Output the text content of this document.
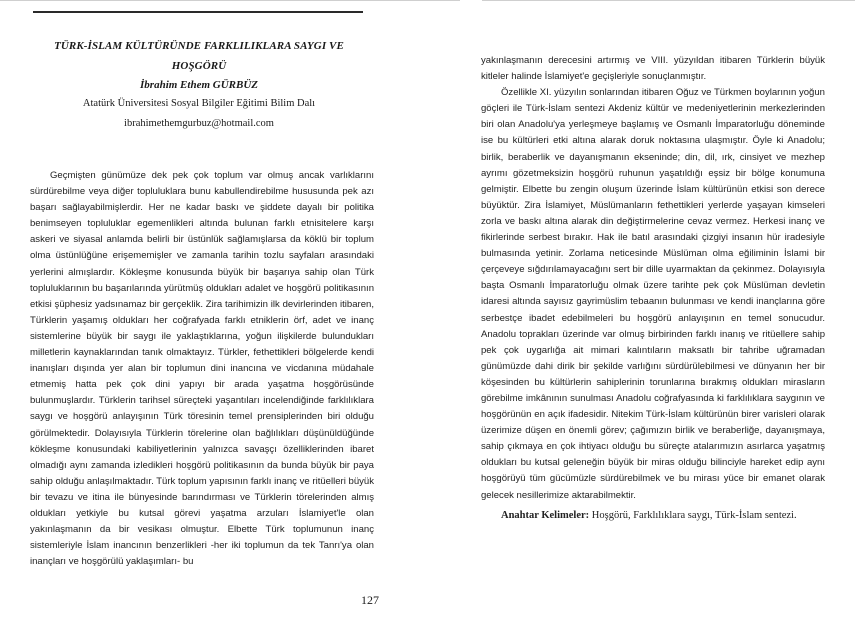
TÜRK-İSLAM KÜLTÜRÜNDE FARKLILIKLARA SAYGI VE

HOŞGÖRÜ

İbrahim Ethem GÜRBÜZ

Atatürk Üniversitesi Sosyal Bilgiler Eğitimi Bilim Dalı

ibrahimethemgurbuz@hotmail.com

Geçmişten günümüze dek pek çok toplum var olmuş ancak varlıklarını sürdürebilme veya diğer topluluklara bunu kabullendirebilme hususunda pek azı başarı sağlayabilmişlerdir. Her ne kadar baskı ve şiddete dayalı bir politika benimseyen topluluklar egemenlikleri altında bulunan farklı etnisitelere karşı askeri ve siyasal anlamda belirli bir üstünlük sağlamışlarsa da köklü bir toplum olma üstünlüğüne erişememişler ve zamanla tarihin tozlu sayfaları arasındaki yerlerini almışlardır. Kökleşme konusunda büyük bir başarıya sahip olan Türk topluluklarının bu başarılarında yürütmüş oldukları adalet ve hoşgörü politikasının etkisi şüphesiz yadsınamaz bir gerçeklik. Zira tarihimizin ilk devirlerinden itibaren, Türklerin yaşamış oldukları her coğrafyada farklı etniklerin örf, adet ve inanç sistemlerine büyük bir saygı ile yaklaştıklarına, yoğun ilişkilerde bulundukları milletlerin kaynaklarından tanık olmaktayız. Türkler, fethettikleri bölgelerde kendi inanışları dışında yer alan bir toplumun dini inancına ve vicdanına müdahale etmemiş hatta pek çok dini yapıyı bir arada yaşatma hoşgörüsünde bulunmuşlardır. Türklerin tarihsel süreçteki yaşantıları incelendiğinde farklılıklara saygı ve hoşgörü anlayışının Türk töresinin temel prensiplerinden biri olduğu görülmektedir. Dolayısıyla Türklerin törelerine olan bağlılıkları düşünüldüğünde kökleşme konusundaki kabiliyetlerinin yalnızca savaşçı özelliklerinden ibaret olmadığı aynı zamanda izledikleri hoşgörü politikasının da bunda büyük bir paya sahip olduğu anlaşılmaktadır. Türk toplum yapısının farklı inanç ve ritüelleri büyük bir tevazu ve itina ile bünyesinde barındırması ve Türklerin törelerinden almış oldukları yetkiyle bu kutsal görevi yaşatma arzuları İslamiyet'le olan yakınlaşmanın da bir vesikası olmuştur. Elbette Türk toplumunun inanç sistemleriyle İslam inancının benzerlikleri -her iki toplumun da tek Tanrı'ya olan inançları ve hoşgörülü yaklaşımları- bu

yakınlaşmanın derecesini artırmış ve VIII. yüzyıldan itibaren Türklerin büyük kitleler halinde İslamiyet'e geçişleriyle sonuçlanmıştır.

Özellikle XI. yüzyılın sonlarından itibaren Oğuz ve Türkmen boylarının yoğun göçleri ile Türk-İslam sentezi Akdeniz kültür ve medeniyetlerinin merkezlerinden biri olan Anadolu'ya yerleşmeye başlamış ve Osmanlı İmparatorluğu döneminde ise bu kültürleri etki altına alarak doruk noktasına ulaşmıştır. Öyle ki Anadolu; birlik, beraberlik ve dayanışmanın ekseninde; din, dil, ırk, cinsiyet ve mezhep ayrımı gözetmeksizin hoşgörü ruhunun yaşatıldığı eşsiz bir bölge konumuna gelmiştir. Elbette bu zengin oluşum üzerinde İslam kültürünün etkisi son derece büyüktür. Zira İslamiyet, Müslümanların fethettikleri yerlerde yaşayan kimseleri zorla ve baskı altına alarak din değiştirmelerine cevaz vermez. Herkesi inanç ve fikirlerinde serbest bırakır. Hak ile batıl arasındaki çizgiyi insanın hür iradesiyle bulmasında yetinir. Zorlama neticesinde Müslüman olma eğiliminin İslami bir çerçeveye sığdırılamayacağını sert bir dille uyarmaktan da çekinmez. Dolayısıyla başta Osmanlı İmparatorluğu olmak üzere tarihte pek çok Müslüman devletin idaresi altında sayısız gayrimüslim tebaanın bulunması ve kendi inançlarına göre serbestçe ibadet edebilmeleri bu hoşgörü anlayışının en temel sonucudur. Anadolu toprakları üzerinde var olmuş birbirinden farklı inanış ve ritüellere sahip pek çok uygarlığa ait mimari kalıntıların maksatlı bir tahribe uğramadan günümüzde dahi dirik bir şekilde varlığını sürdürülebilmesi ve dünyanın her bir köşesinden bu kültürlerin sahiplerinin torunlarına bırakmış oldukları mirasların görebilme imkânının sunulması Anadolu coğrafyasında ki farklılıklara saygının ve hoşgörünün en açık ifadesidir. Nitekim Türk-İslam kültürünün birer varisleri olarak üzerimize düşen en önemli görev; çağımızın birlik ve beraberliğe, dayanışmaya, sahip çıkmaya en çok ihtiyacı olduğu bu süreçte atalarımızın asırlarca yaşatmış oldukları bu kutsal geleneğin büyük bir miras olduğu bilinciyle hareket edip aynı hoşgörüyü tüm gücümüzle sürdürebilmek ve bu mirası yüce bir emanet olarak gelecek nesillerimize aktarabilmektir.

Anahtar Kelimeler: Hoşgörü, Farklılıklara saygı, Türk-İslam sentezi.

127
